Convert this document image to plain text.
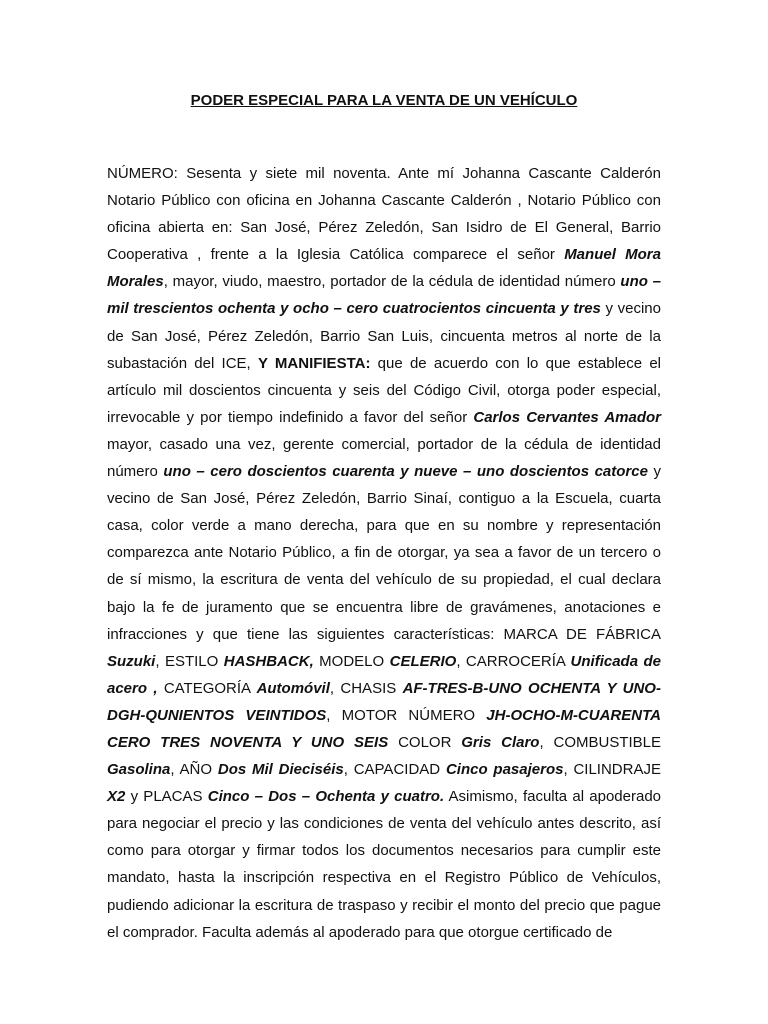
PODER ESPECIAL PARA LA VENTA DE UN VEHÍCULO

NÚMERO: Sesenta y siete mil noventa. Ante mí Johanna Cascante Calderón Notario Público con oficina en Johanna Cascante Calderón , Notario Público con oficina abierta en: San José, Pérez Zeledón, San Isidro de El General, Barrio Cooperativa , frente a la Iglesia Católica comparece el señor Manuel Mora Morales, mayor, viudo, maestro, portador de la cédula de identidad número uno – mil trescientos ochenta y ocho – cero cuatrocientos cincuenta y tres y vecino de San José, Pérez Zeledón, Barrio San Luis, cincuenta metros al norte de la subastación del ICE, Y MANIFIESTA: que de acuerdo con lo que establece el artículo mil doscientos cincuenta y seis del Código Civil, otorga poder especial, irrevocable y por tiempo indefinido a favor del señor Carlos Cervantes Amador mayor, casado una vez, gerente comercial, portador de la cédula de identidad número uno – cero doscientos cuarenta y nueve – uno doscientos catorce y vecino de San José, Pérez Zeledón, Barrio Sinaí, contiguo a la Escuela, cuarta casa, color verde a mano derecha, para que en su nombre y representación comparezca ante Notario Público, a fin de otorgar, ya sea a favor de un tercero o de sí mismo, la escritura de venta del vehículo de su propiedad, el cual declara bajo la fe de juramento que se encuentra libre de gravámenes, anotaciones e infracciones y que tiene las siguientes características: MARCA DE FÁBRICA Suzuki, ESTILO HASHBACK, MODELO CELERIO, CARROCERÍA Unificada de acero , CATEGORÍA Automóvil, CHASIS AF-TRES-B-UNO OCHENTA Y UNO-DGH-QUNIENTOS VEINTIDOS, MOTOR NÚMERO JH-OCHO-M-CUARENTA CERO TRES NOVENTA Y UNO SEIS COLOR Gris Claro, COMBUSTIBLE Gasolina, AÑO Dos Mil Dieciséis, CAPACIDAD Cinco pasajeros, CILINDRAJE X2 y PLACAS Cinco – Dos – Ochenta y cuatro. Asimismo, faculta al apoderado para negociar el precio y las condiciones de venta del vehículo antes descrito, así como para otorgar y firmar todos los documentos necesarios para cumplir este mandato, hasta la inscripción respectiva en el Registro Público de Vehículos, pudiendo adicionar la escritura de traspaso y recibir el monto del precio que pague el comprador. Faculta además al apoderado para que otorgue certificado de
